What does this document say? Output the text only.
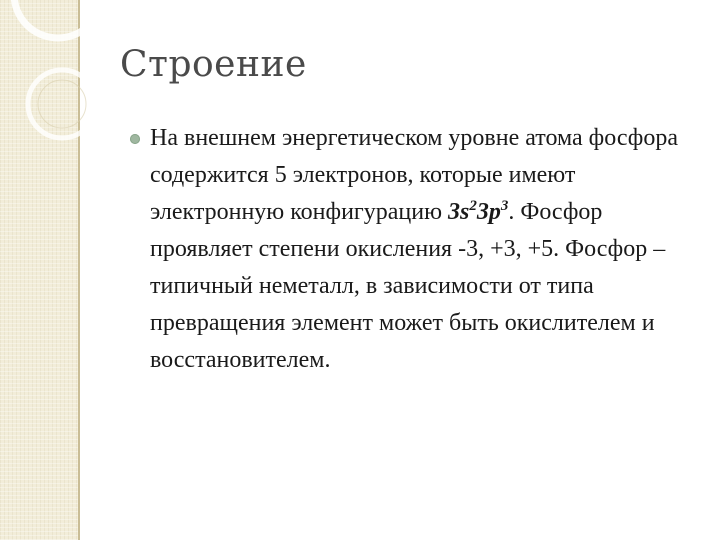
Строение
На внешнем энергетическом уровне атома фосфора содержится 5 электронов, которые имеют электронную конфигурацию $3s^23p^3$. Фосфор проявляет степени окисления -3, +3, +5. Фосфор – типичный неметалл, в зависимости от типа превращения элемент может быть окислителем и восстановителем.
